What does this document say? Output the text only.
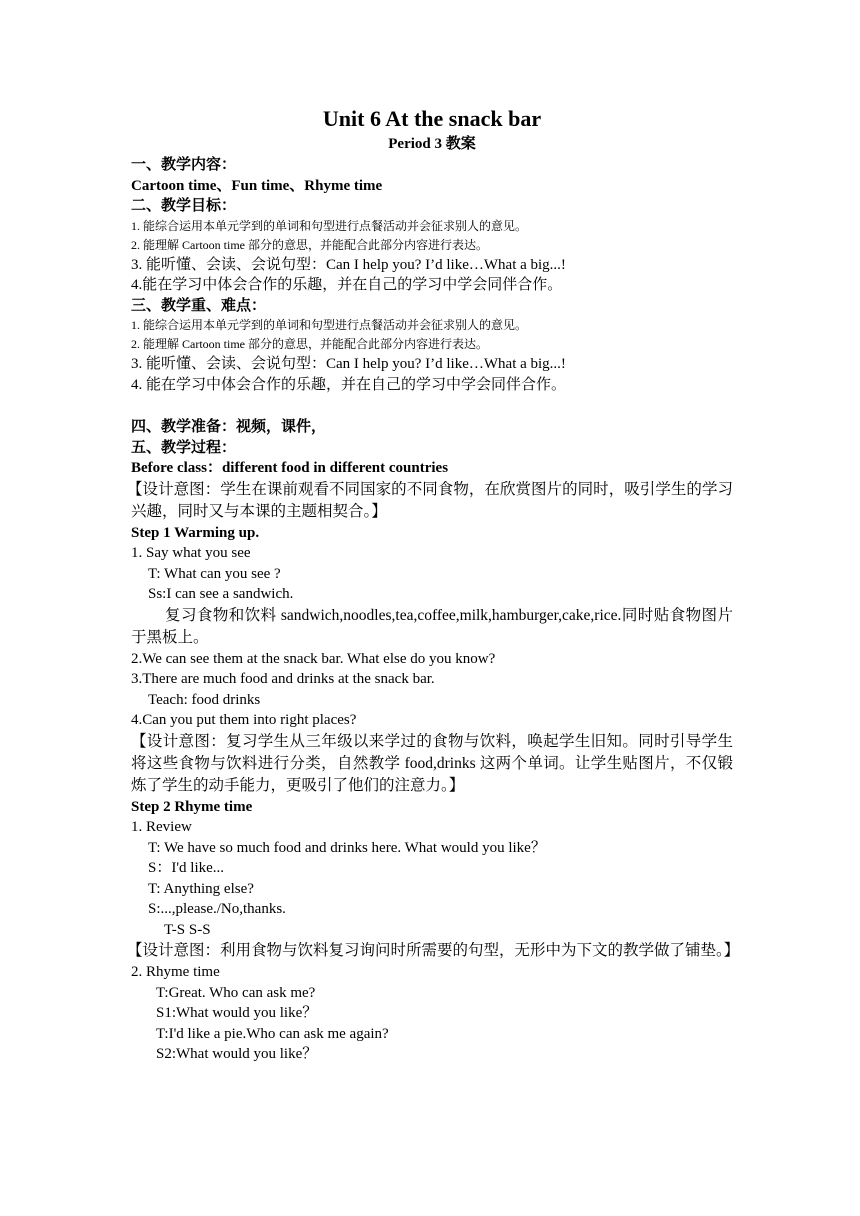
Unit 6 At the snack bar

Period 3 教案

一、教学内容：

Cartoon time、Fun time、Rhyme time

二、教学目标：

1. 能综合运用本单元学到的单词和句型进行点餐活动并会征求别人的意见。

2. 能理解 Cartoon time 部分的意思，并能配合此部分内容进行表达。

3. 能听懂、会读、会说句型：Can I help you? I’d like…What a big...!

4.能在学习中体会合作的乐趣，并在自己的学习中学会同伴合作。

三、教学重、难点：

1. 能综合运用本单元学到的单词和句型进行点餐活动并会征求别人的意见。

2. 能理解 Cartoon time 部分的意思，并能配合此部分内容进行表达。

3. 能听懂、会读、会说句型：Can I help you? I’d like…What a big...!

4. 能在学习中体会合作的乐趣，并在自己的学习中学会同伴合作。

四、教学准备：视频，课件，

五、教学过程：

Before class：different food in different countries

【设计意图：学生在课前观看不同国家的不同食物，在欣赏图片的同时，吸引学生的学习兴趣，同时又与本课的主题相契合。】

Step 1 Warming up.

1. Say what you see

T: What can you see ?

Ss:I can see a sandwich.

复习食物和饮料 sandwich,noodles,tea,coffee,milk,hamburger,cake,rice.同时贴食物图片于黑板上。

2.We can see them at the snack bar. What else do you know?

3.There are much food and drinks at the snack bar.

Teach: food drinks

4.Can you put them into right places?

【设计意图：复习学生从三年级以来学过的食物与饮料，唤起学生旧知。同时引导学生将这些食物与饮料进行分类，自然教学 food,drinks 这两个单词。让学生贴图片，不仅锻炼了学生的动手能力，更吸引了他们的注意力。】

Step 2 Rhyme time

1. Review

T: We have so much food and drinks here. What would you like？

S：I'd like...

T: Anything else?

S:...,please./No,thanks.

T-S S-S

【设计意图：利用食物与饮料复习询问时所需要的句型，无形中为下文的教学做了铺垫。】

2. Rhyme time

T:Great. Who can ask me?

S1:What would you like？

T:I'd like a pie.Who can ask me again?

S2:What would you like？
